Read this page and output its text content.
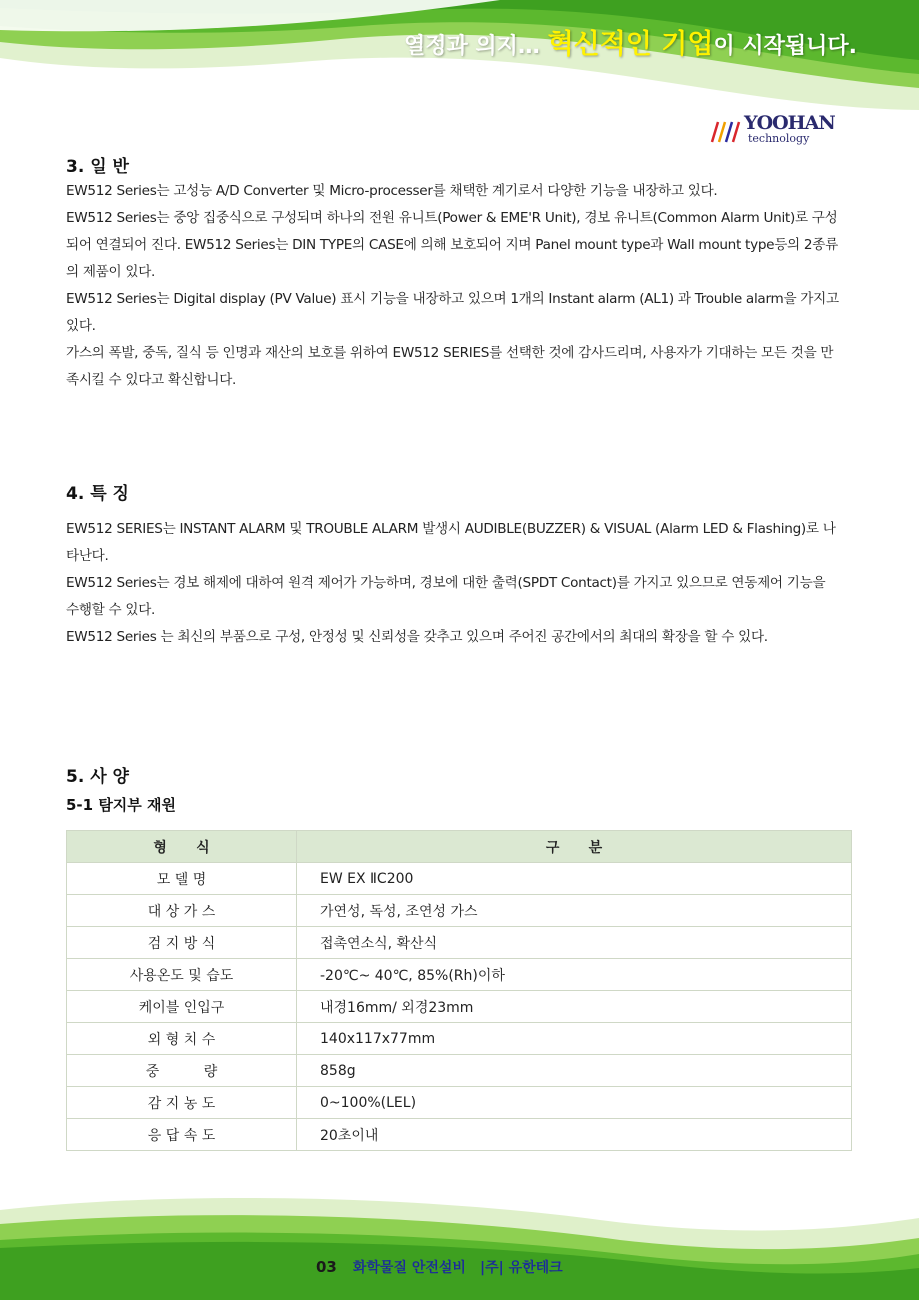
열정과 의지… 혁신적인 기업이 시작됩니다.
YOOHAN
technology
3. 일 반

EW512 Series는 고성능 A/D Converter 및 Micro-processer를 채택한 계기로서 다양한 기능을 내장하고 있다.

EW512 Series는 중앙 집중식으로 구성되며 하나의 전원 유니트(Power & EME'R Unit), 경보 유니트(Common Alarm Unit)로 구성되어 연결되어 진다. EW512 Series는 DIN TYPE의 CASE에 의해 보호되어 지며 Panel mount type과 Wall mount type등의 2종류의 제품이 있다.

EW512 Series는 Digital display (PV Value) 표시 기능을 내장하고 있으며 1개의 Instant alarm (AL1) 과 Trouble alarm을 가지고 있다.

가스의 폭발, 중독, 질식 등 인명과 재산의 보호를 위하여 EW512 SERIES를 선택한 것에 감사드리며, 사용자가 기대하는 모든 것을 만족시킬 수 있다고 확신합니다.

4. 특 징

EW512 SERIES는 INSTANT ALARM 및 TROUBLE ALARM 발생시 AUDIBLE(BUZZER) & VISUAL (Alarm LED & Flashing)로 나타난다.

EW512 Series는 경보 해제에 대하여 원격 제어가 가능하며, 경보에 대한 출력(SPDT Contact)를 가지고 있으므로 연동제어 기능을 수행할 수 있다.

EW512 Series 는 최신의 부품으로 구성, 안정성 및 신뢰성을 갖추고 있으며 주어진 공간에서의 최대의 확장을 할 수 있다.

5. 사 양
5-1 탐지부 재원
형      식	구      분
모 델 명	EW EX ⅡC200
대 상 가 스	가연성, 독성, 조연성 가스
검 지 방 식	접촉연소식, 확산식
사용온도 및 습도	-20℃~ 40℃, 85%(Rh)이하
케이블 인입구	내경16mm/ 외경23mm
외 형 치 수	140x117x77mm
중          량	858g
감 지 농 도	0~100%(LEL)
응 답 속 도	20초이내
03 화학물질 안전설비 |주| 유한테크
